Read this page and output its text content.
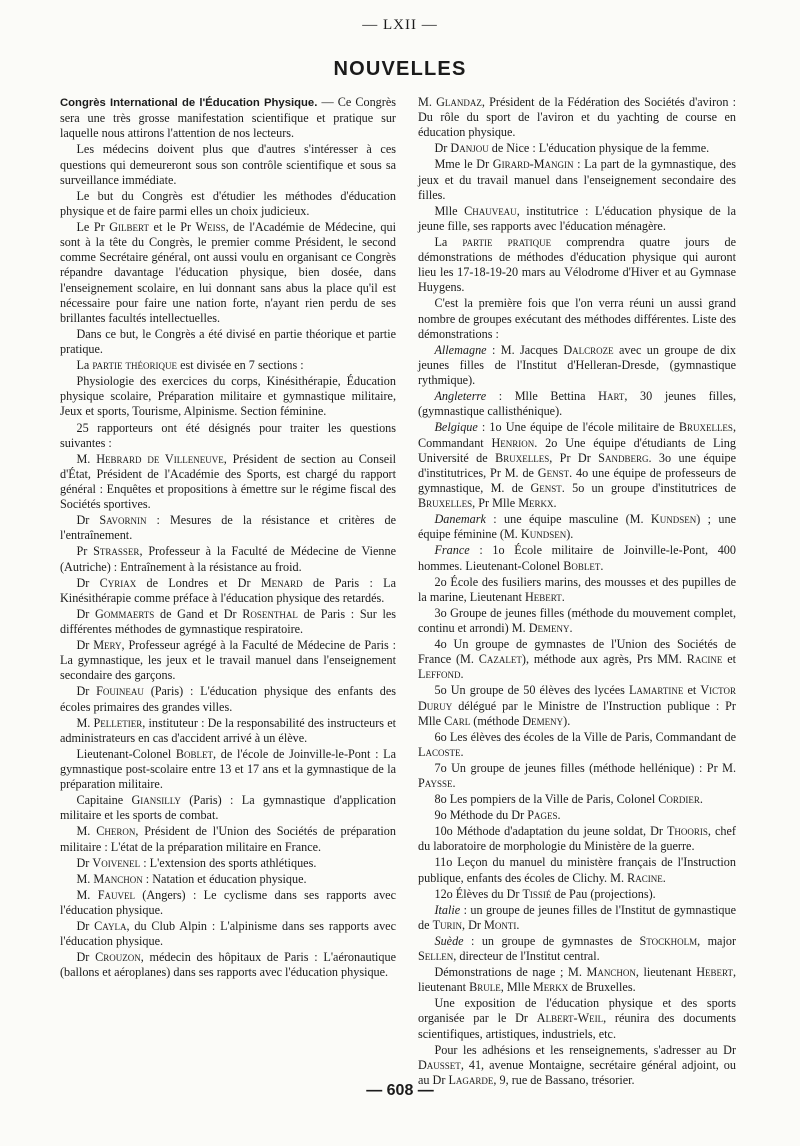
— LXII —
NOUVELLES

Congrès International de l'Éducation Physique. — Ce Congrès sera une très grosse manifestation scientifique et pratique sur laquelle nous attirons l'attention de nos lecteurs.

Les médecins doivent plus que d'autres s'intéresser à ces questions qui demeureront sous son contrôle scientifique et sous sa surveillance immédiate.

Le but du Congrès est d'étudier les méthodes d'éducation physique et de faire parmi elles un choix judicieux.

Le Pr Gilbert et le Pr Weiss, de l'Académie de Médecine, qui sont à la tête du Congrès, le premier comme Président, le second comme Secrétaire général, ont aussi voulu en organisant ce Congrès répandre davantage l'éducation physique, bien dosée, dans l'enseignement scolaire, en lui donnant sans abus la place qu'il est nécessaire pour faire une nation forte, n'ayant rien perdu de ses brillantes facultés intellectuelles.

Dans ce but, le Congrès a été divisé en partie théorique et partie pratique.

La partie théorique est divisée en 7 sections :

Physiologie des exercices du corps, Kinésithérapie, Éducation physique scolaire, Préparation militaire et gymnastique militaire, Jeux et sports, Tourisme, Alpinisme. Section féminine.

25 rapporteurs ont été désignés pour traiter les questions suivantes :

M. Hebrard de Villeneuve, Président de section au Conseil d'État, Président de l'Académie des Sports, est chargé du rapport général : Enquêtes et propositions à émettre sur le régime fiscal des Sociétés sportives.

Dr Savornin : Mesures de la résistance et critères de l'entraînement.

Pr Strasser, Professeur à la Faculté de Médecine de Vienne (Autriche) : Entraînement à la résistance au froid.

Dr Cyriax de Londres et Dr Menard de Paris : La Kinésithérapie comme préface à l'éducation physique des retardés.

Dr Gommaerts de Gand et Dr Rosenthal de Paris : Sur les différentes méthodes de gymnastique respiratoire.

Dr Mery, Professeur agrégé à la Faculté de Médecine de Paris : La gymnastique, les jeux et le travail manuel dans l'enseignement secondaire des garçons.

Dr Fouineau (Paris) : L'éducation physique des enfants des écoles primaires des grandes villes.

M. Pelletier, instituteur : De la responsabilité des instructeurs et administrateurs en cas d'accident arrivé à un élève.

Lieutenant-Colonel Boblet, de l'école de Joinville-le-Pont : La gymnastique post-scolaire entre 13 et 17 ans et la gymnastique de la préparation militaire.

Capitaine Giansilly (Paris) : La gymnastique d'application militaire et les sports de combat.

M. Cheron, Président de l'Union des Sociétés de préparation militaire : L'état de la préparation militaire en France.

Dr Voivenel : L'extension des sports athlétiques.

M. Manchon : Natation et éducation physique.

M. Fauvel (Angers) : Le cyclisme dans ses rapports avec l'éducation physique.

Dr Cayla, du Club Alpin : L'alpinisme dans ses rapports avec l'éducation physique.

Dr Crouzon, médecin des hôpitaux de Paris : L'aéronautique (ballons et aéroplanes) dans ses rapports avec l'éducation physique.

M. Glandaz, Président de la Fédération des Sociétés d'aviron : Du rôle du sport de l'aviron et du yachting de course en éducation physique.

Dr Danjou de Nice : L'éducation physique de la femme.

Mme le Dr Girard-Mangin : La part de la gymnastique, des jeux et du travail manuel dans l'enseignement secondaire des filles.

Mlle Chauveau, institutrice : L'éducation physique de la jeune fille, ses rapports avec l'éducation ménagère.

La partie pratique comprendra quatre jours de démonstrations de méthodes d'éducation physique qui auront lieu les 17-18-19-20 mars au Vélodrome d'Hiver et au Gymnase Huygens.

C'est la première fois que l'on verra réuni un aussi grand nombre de groupes exécutant des méthodes différentes. Liste des démonstrations :

Allemagne : M. Jacques Dalcroze avec un groupe de dix jeunes filles de l'Institut d'Helleran-Dresde, (gymnastique rythmique).

Angleterre : Mlle Bettina Hart, 30 jeunes filles, (gymnastique callisthénique).

Belgique : 1o Une équipe de l'école militaire de Bruxelles, Commandant Henrion. 2o Une équipe d'étudiants de Ling Université de Bruxelles, Pr Dr Sandberg. 3o une équipe d'institutrices, Pr M. de Genst. 4o une équipe de professeurs de gymnastique, M. de Genst. 5o un groupe d'institutrices de Bruxelles, Pr Mlle Merkx.

Danemark : une équipe masculine (M. Kundsen) ; une équipe féminine (M. Kundsen).

France : 1o École militaire de Joinville-le-Pont, 400 hommes. Lieutenant-Colonel Boblet.

2o École des fusiliers marins, des mousses et des pupilles de la marine, Lieutenant Hebert.

3o Groupe de jeunes filles (méthode du mouvement complet, continu et arrondi) M. Demeny.

4o Un groupe de gymnastes de l'Union des Sociétés de France (M. Cazalet), méthode aux agrès, Prs MM. Racine et Leffond.

5o Un groupe de 50 élèves des lycées Lamartine et Victor Duruy délégué par le Ministre de l'Instruction publique : Pr Mlle Carl (méthode Demeny).

6o Les élèves des écoles de la Ville de Paris, Commandant de Lacoste.

7o Un groupe de jeunes filles (méthode hellénique) : Pr M. Paysse.

8o Les pompiers de la Ville de Paris, Colonel Cordier.

9o Méthode du Dr Pages.

10o Méthode d'adaptation du jeune soldat, Dr Thooris, chef du laboratoire de morphologie du Ministère de la guerre.

11o Leçon du manuel du ministère français de l'Instruction publique, enfants des écoles de Clichy. M. Racine.

12o Élèves du Dr Tissié de Pau (projections).

Italie : un groupe de jeunes filles de l'Institut de gymnastique de Turin, Dr Monti.

Suède : un groupe de gymnastes de Stockholm, major Sellen, directeur de l'Institut central.

Démonstrations de nage ; M. Manchon, lieutenant Hebert, lieutenant Brule, Mlle Merkx de Bruxelles.

Une exposition de l'éducation physique et des sports organisée par le Dr Albert-Weil, réunira des documents scientifiques, artistiques, industriels, etc.

Pour les adhésions et les renseignements, s'adresser au Dr Dausset, 41, avenue Montaigne, secrétaire général adjoint, ou au Dr Lagarde, 9, rue de Bassano, trésorier.

— 608 —
